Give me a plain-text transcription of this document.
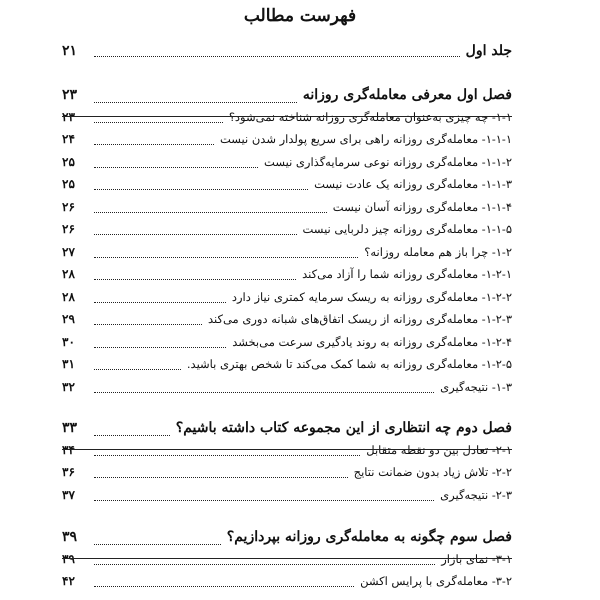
فهرست مطالب
جلد اول
۲۱
فصل اول معرفی معامله‌گری روزانه
۲۳
۱-۱- چه چیزی به‌عنوان معامله‌گری روزانه شناخته نمی‌شود؟
۲۳
۱-۱-۱- معامله‌گری روزانه راهی برای سریع پولدار شدن نیست
۲۴
۱-۱-۲- معامله‌گری روزانه نوعی سرمایه‌گذاری نیست
۲۵
۱-۱-۳- معامله‌گری روزانه یک عادت نیست
۲۵
۱-۱-۴- معامله‌گری روزانه آسان نیست
۲۶
۱-۱-۵- معامله‌گری روزانه چیز دلربایی نیست
۲۶
۱-۲- چرا باز هم معامله روزانه؟
۲۷
۱-۲-۱- معامله‌گری روزانه شما را آزاد می‌کند
۲۸
۱-۲-۲- معامله‌گری روزانه به ریسک سرمایه کمتری نیاز دارد
۲۸
۱-۲-۳- معامله‌گری روزانه از ریسک اتفاق‌های شبانه دوری می‌کند
۲۹
۱-۲-۴- معامله‌گری روزانه به روند یادگیری سرعت می‌بخشد
۳۰
۱-۲-۵- معامله‌گری روزانه به شما کمک می‌کند تا شخص بهتری باشید.
۳۱
۱-۳- نتیجه‌گیری
۳۲
فصل دوم چه انتظاری از این مجموعه کتاب داشته باشیم؟
۳۳
۲-۱- تعادل بین دو نقطه متقابل
۳۴
۲-۲- تلاش زیاد بدون ضمانت نتایج
۳۶
۲-۳- نتیجه‌گیری
۳۷
فصل سوم چگونه به معامله‌گری روزانه بپردازیم؟
۳۹
۳-۱- نمای بازار
۳۹
۳-۲- معامله‌گری با پرایس اکشن
۴۲
